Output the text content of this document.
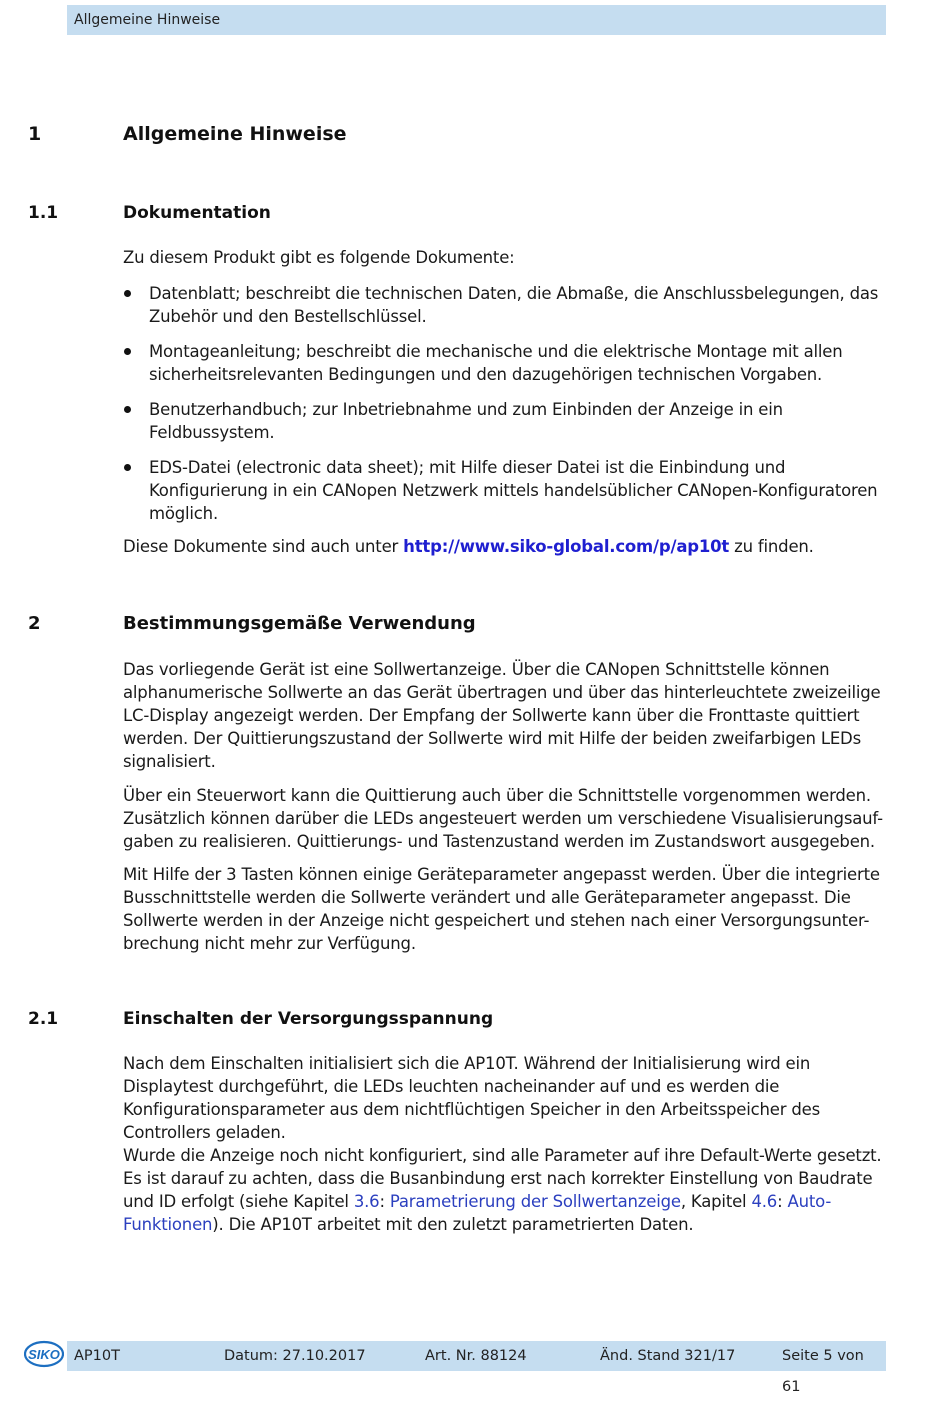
Allgemeine Hinweise
1	Allgemeine Hinweise
1.1	Dokumentation

Zu diesem Produkt gibt es folgende Dokumente:

Datenblatt; beschreibt die technischen Daten, die Abmaße, die Anschlussbelegungen, das Zubehör und den Bestellschlüssel.
Montageanleitung; beschreibt die mechanische und die elektrische Montage mit allen sicherheitsrelevanten Bedingungen und den dazugehörigen technischen Vorgaben.
Benutzerhandbuch; zur Inbetriebnahme und zum Einbinden der Anzeige in ein Feldbussystem.
EDS-Datei (electronic data sheet); mit Hilfe dieser Datei ist die Einbindung und Konfigurierung in ein CANopen Netzwerk mittels handelsüblicher CANopen-Konfiguratoren möglich.

Diese Dokumente sind auch unter http://www.siko-global.com/p/ap10t zu finden.

2	Bestimmungsgemäße Verwendung

Das vorliegende Gerät ist eine Sollwertanzeige. Über die CANopen Schnittstelle können alphanumerische Sollwerte an das Gerät übertragen und über das hinterleuchtete zweizeilige LC-Display angezeigt werden. Der Empfang der Sollwerte kann über die Fronttaste quittiert werden. Der Quittierungszustand der Sollwerte wird mit Hilfe der beiden zweifarbigen LEDs signalisiert.

Über ein Steuerwort kann die Quittierung auch über die Schnittstelle vorgenommen werden. Zusätzlich können darüber die LEDs angesteuert werden um verschiedene Visualisierungsauf-gaben zu realisieren. Quittierungs- und Tastenzustand werden im Zustandswort ausgegeben.

Mit Hilfe der 3 Tasten können einige Geräteparameter angepasst werden. Über die integrierte Busschnittstelle werden die Sollwerte verändert und alle Geräteparameter angepasst. Die Sollwerte werden in der Anzeige nicht gespeichert und stehen nach einer Versorgungsunter-brechung nicht mehr zur Verfügung.

2.1	Einschalten der Versorgungsspannung

Nach dem Einschalten initialisiert sich die AP10T. Während der Initialisierung wird ein Displaytest durchgeführt, die LEDs leuchten nacheinander auf und es werden die Konfigurationsparameter aus dem nichtflüchtigen Speicher in den Arbeitsspeicher des Controllers geladen.

Wurde die Anzeige noch nicht konfiguriert, sind alle Parameter auf ihre Default-Werte gesetzt. Es ist darauf zu achten, dass die Busanbindung erst nach korrekter Einstellung von Baudrate und ID erfolgt (siehe Kapitel 3.6: Parametrierung der Sollwertanzeige, Kapitel 4.6: Auto-Funktionen). Die AP10T arbeitet mit den zuletzt parametrierten Daten.

SIKO AP10T	Datum: 27.10.2017	Art. Nr. 88124	Änd. Stand 321/17	Seite 5 von 61
